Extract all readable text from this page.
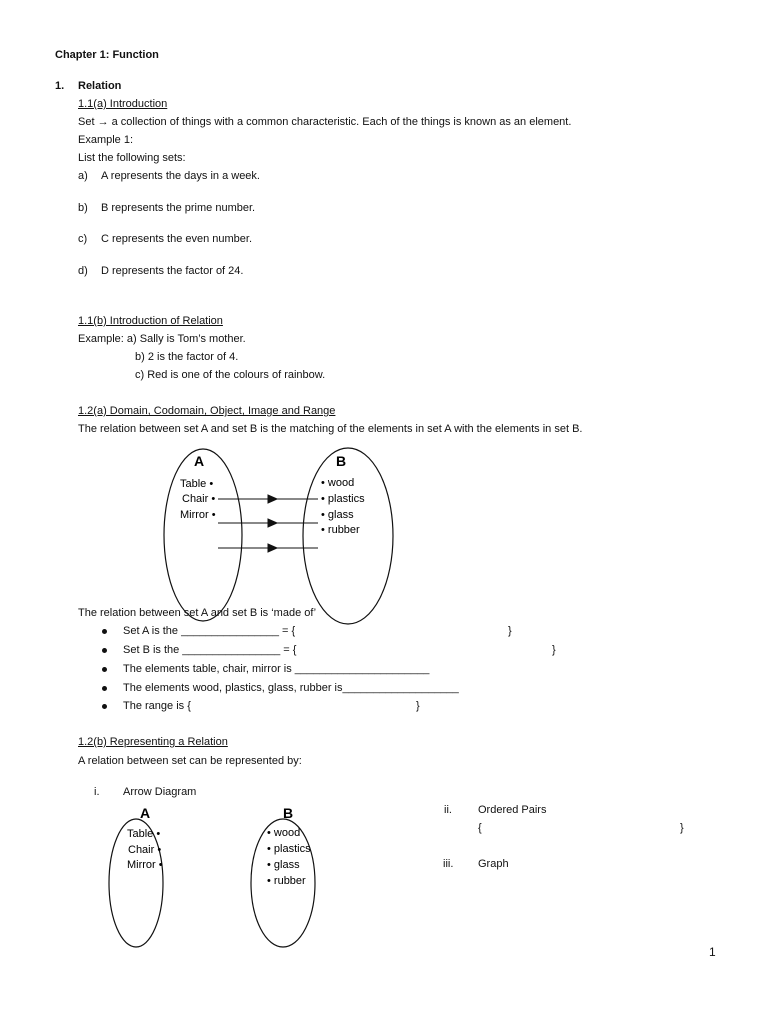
Chapter 1: Function
1. Relation
1.1(a) Introduction
Set → a collection of things with a common characteristic. Each of the things is known as an element.
Example 1:
List the following sets:
a) A represents the days in a week.
b) B represents the prime number.
c) C represents the even number.
d) D represents the factor of 24.
1.1(b) Introduction of Relation
Example: a) Sally is Tom’s mother.
b) 2 is the factor of 4.
c) Red is one of the colours of rainbow.
1.2(a) Domain, Codomain, Object, Image and Range
The relation between set A and set B is the matching of the elements in set A with the elements in set B.
A	B
Table •
Chair •
Mirror •
• wood
• plastics
• glass
• rubber
A	B
Table •
Chair •
Mirror •
• wood
• plastics
• glass
• rubber
The relation between set A and set B is ‘made of’
Set A is the ________________ = {	}
Set B is the ________________ = {	}
The elements table, chair, mirror is ______________________
The elements wood, plastics, glass, rubber is___________________
The range is {	}
1.2(b) Representing a Relation
A relation between set can be represented by:
i. Arrow Diagram
ii. Ordered Pairs
{	}
iii. Graph
1
